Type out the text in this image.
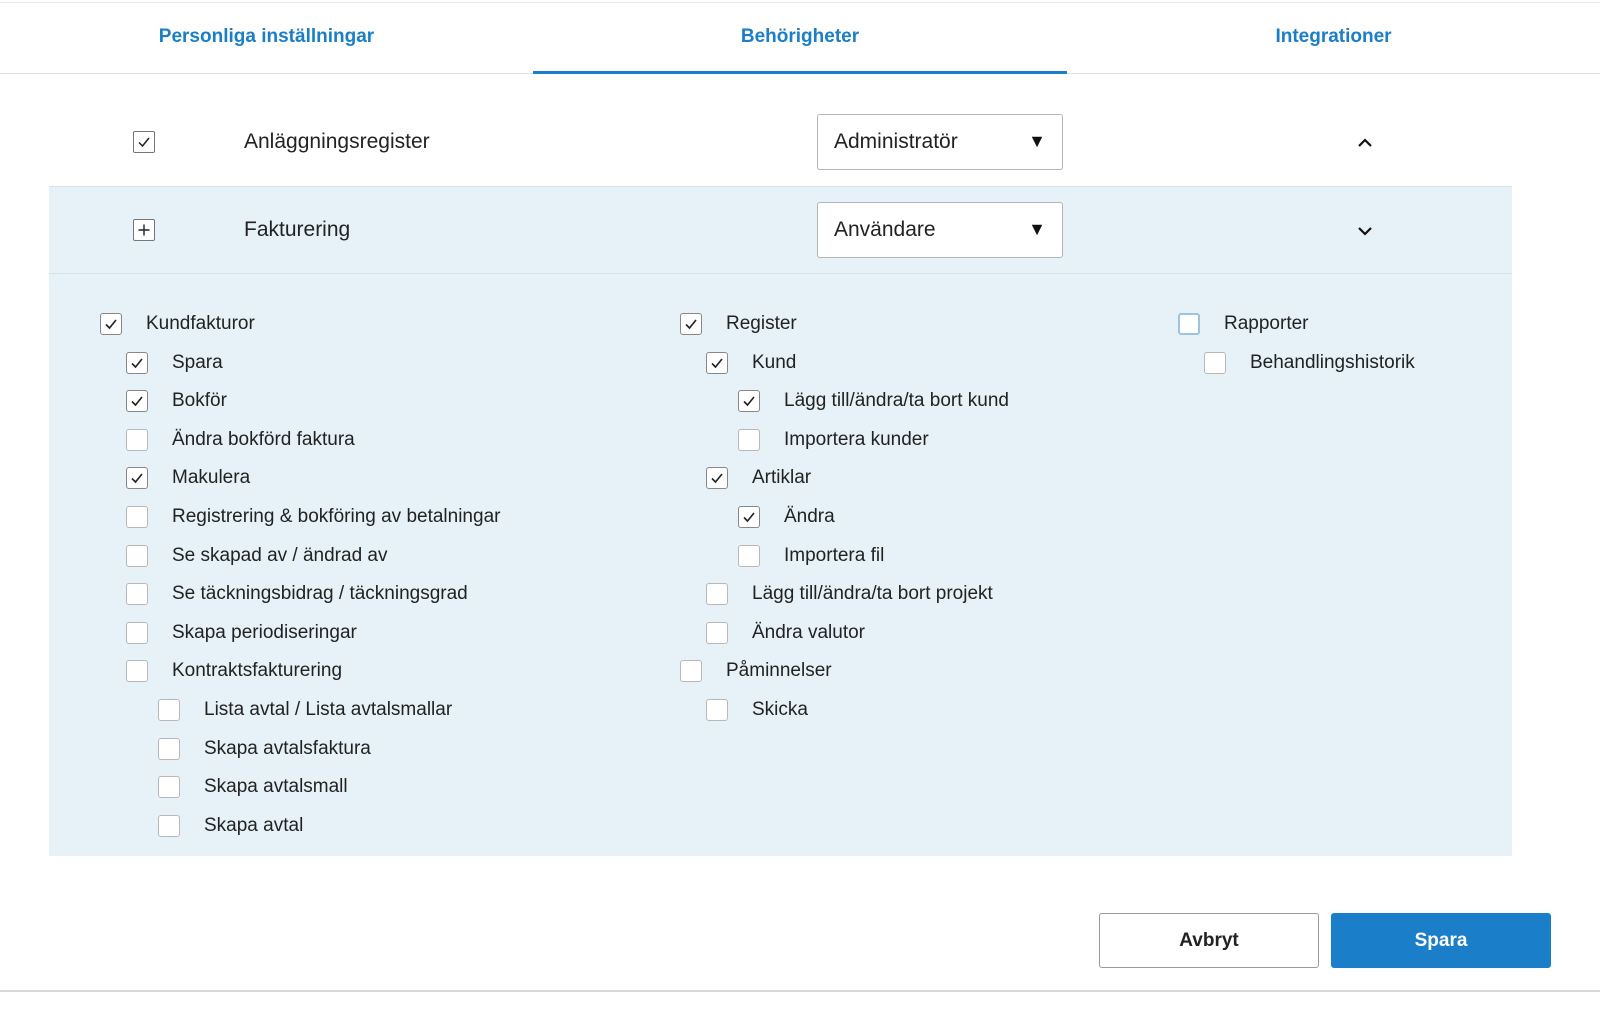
Personliga inställningar	Behörigheter	Integrationer
Anläggningsregister	Administratör	▼
Fakturering	Användare	▼
Kundfakturor
Spara
Bokför
Ändra bokförd faktura
Makulera
Registrering & bokföring av betalningar
Se skapad av / ändrad av
Se täckningsbidrag / täckningsgrad
Skapa periodiseringar
Kontraktsfakturering
Lista avtal / Lista avtalsmallar
Skapa avtalsfaktura
Skapa avtalsmall
Skapa avtal
Register
Kund
Lägg till/ändra/ta bort kund
Importera kunder
Artiklar
Ändra
Importera fil
Lägg till/ändra/ta bort projekt
Ändra valutor
Påminnelser
Skicka
Rapporter
Behandlingshistorik
Avbryt	Spara
